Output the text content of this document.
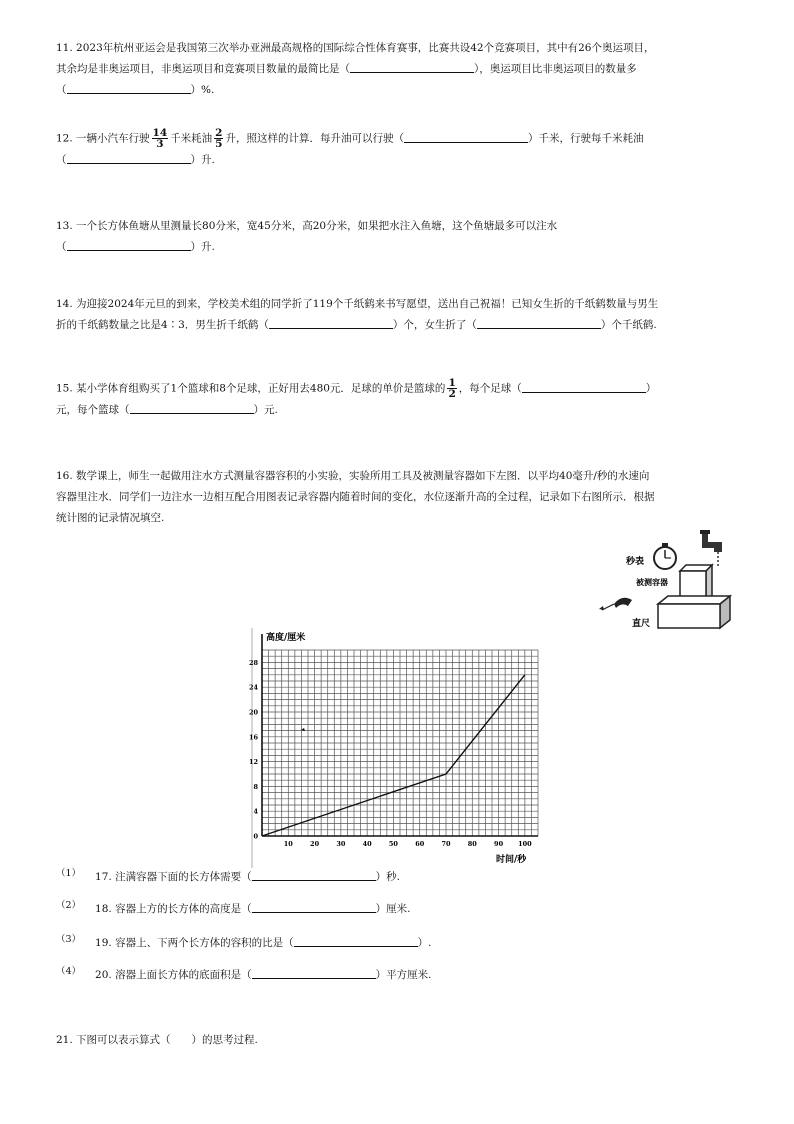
11. 2023年杭州亚运会是我国第三次举办亚洲最高规格的国际综合性体育赛事，比赛共设42个竞赛项目，其中有26个奥运项目，
其余均是非奥运项目，非奥运项目和竞赛项目数量的最简比是（	），奥运项目比非奥运项目的数量多
（	）%.
12. 一辆小汽车行驶 $\frac{14}{3}$ 千米耗油 $\frac{2}{5}$ 升，照这样的计算．每升油可以行驶（	）千米，行驶每千米耗油
（	）升.
13. 一个长方体鱼塘从里测量长80分米，宽45分米，高20分米，如果把水注入鱼塘，这个鱼塘最多可以注水
（	）升.
14. 为迎接2024年元旦的到来，学校美术组的同学折了119个千纸鹤来书写愿望，送出自己祝福！已知女生折的千纸鹤数量与男生
折的千纸鹤数量之比是4∶3．男生折千纸鹤（	）个，女生折了（	）个千纸鹤.
15. 某小学体育组购买了1个篮球和8个足球，正好用去480元．足球的单价是篮球的 $\frac{1}{2}$ ，每个足球（	）
元，每个篮球（	）元.
16. 数学课上，师生一起做用注水方式测量容器容积的小实验，实验所用工具及被测量容器如下左图．以平均40毫升/秒的水速向
容器里注水．同学们一边注水一边相互配合用图表记录容器内随着时间的变化，水位逐渐升高的全过程，记录如下右图所示．根据
统计图的记录情况填空.
秒表
被测容器
直尺
10	20	30	40	50	60	70	80	90 100
0
4
8
12
16
20
24
28
高度/厘米
时间/秒
（1） 17. 注满容器下面的长方体需要（	）秒.
（2） 18. 容器上方的长方体的高度是（	）厘米.
（3） 19. 容器上、下两个长方体的容积的比是（	）.
（4） 20. 溶器上面长方体的底面积是（	）平方厘米.
21. 下图可以表示算式（　　）的思考过程.
